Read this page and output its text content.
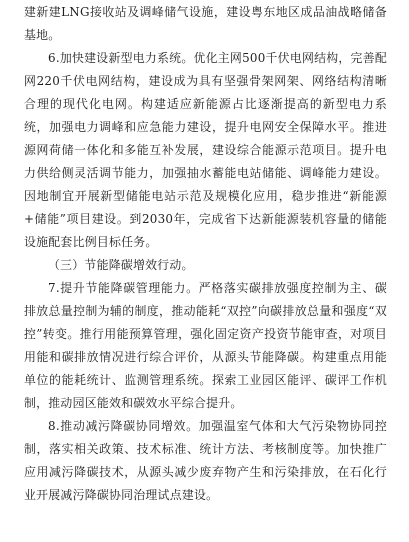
建新建LNG接收站及调峰储气设施，建设粤东地区成品油战略储备基地。

6.加快建设新型电力系统。优化主网500千伏电网结构，完善配网220千伏电网结构，建设成为具有坚强骨架网架、网络结构清晰合理的现代化电网。构建适应新能源占比逐渐提高的新型电力系统，加强电力调峰和应急能力建设，提升电网安全保障水平。推进源网荷储一体化和多能互补发展，建设综合能源示范项目。提升电力供给侧灵活调节能力，加强抽水蓄能电站储能、调峰能力建设。因地制宜开展新型储能电站示范及规模化应用，稳步推进“新能源+储能”项目建设。到2030年，完成省下达新能源装机容量的储能设施配套比例目标任务。

（三）节能降碳增效行动。

7.提升节能降碳管理能力。严格落实碳排放强度控制为主、碳排放总量控制为辅的制度，推动能耗“双控”向碳排放总量和强度“双控”转变。推行用能预算管理，强化固定资产投资节能审查，对项目用能和碳排放情况进行综合评价，从源头节能降碳。构建重点用能单位的能耗统计、监测管理系统。探索工业园区能评、碳评工作机制，推动园区能效和碳效水平综合提升。

8.推动减污降碳协同增效。加强温室气体和大气污染物协同控制，落实相关政策、技术标准、统计方法、考核制度等。加快推广应用减污降碳技术，从源头减少废弃物产生和污染排放，在石化行业开展减污降碳协同治理试点建设。
